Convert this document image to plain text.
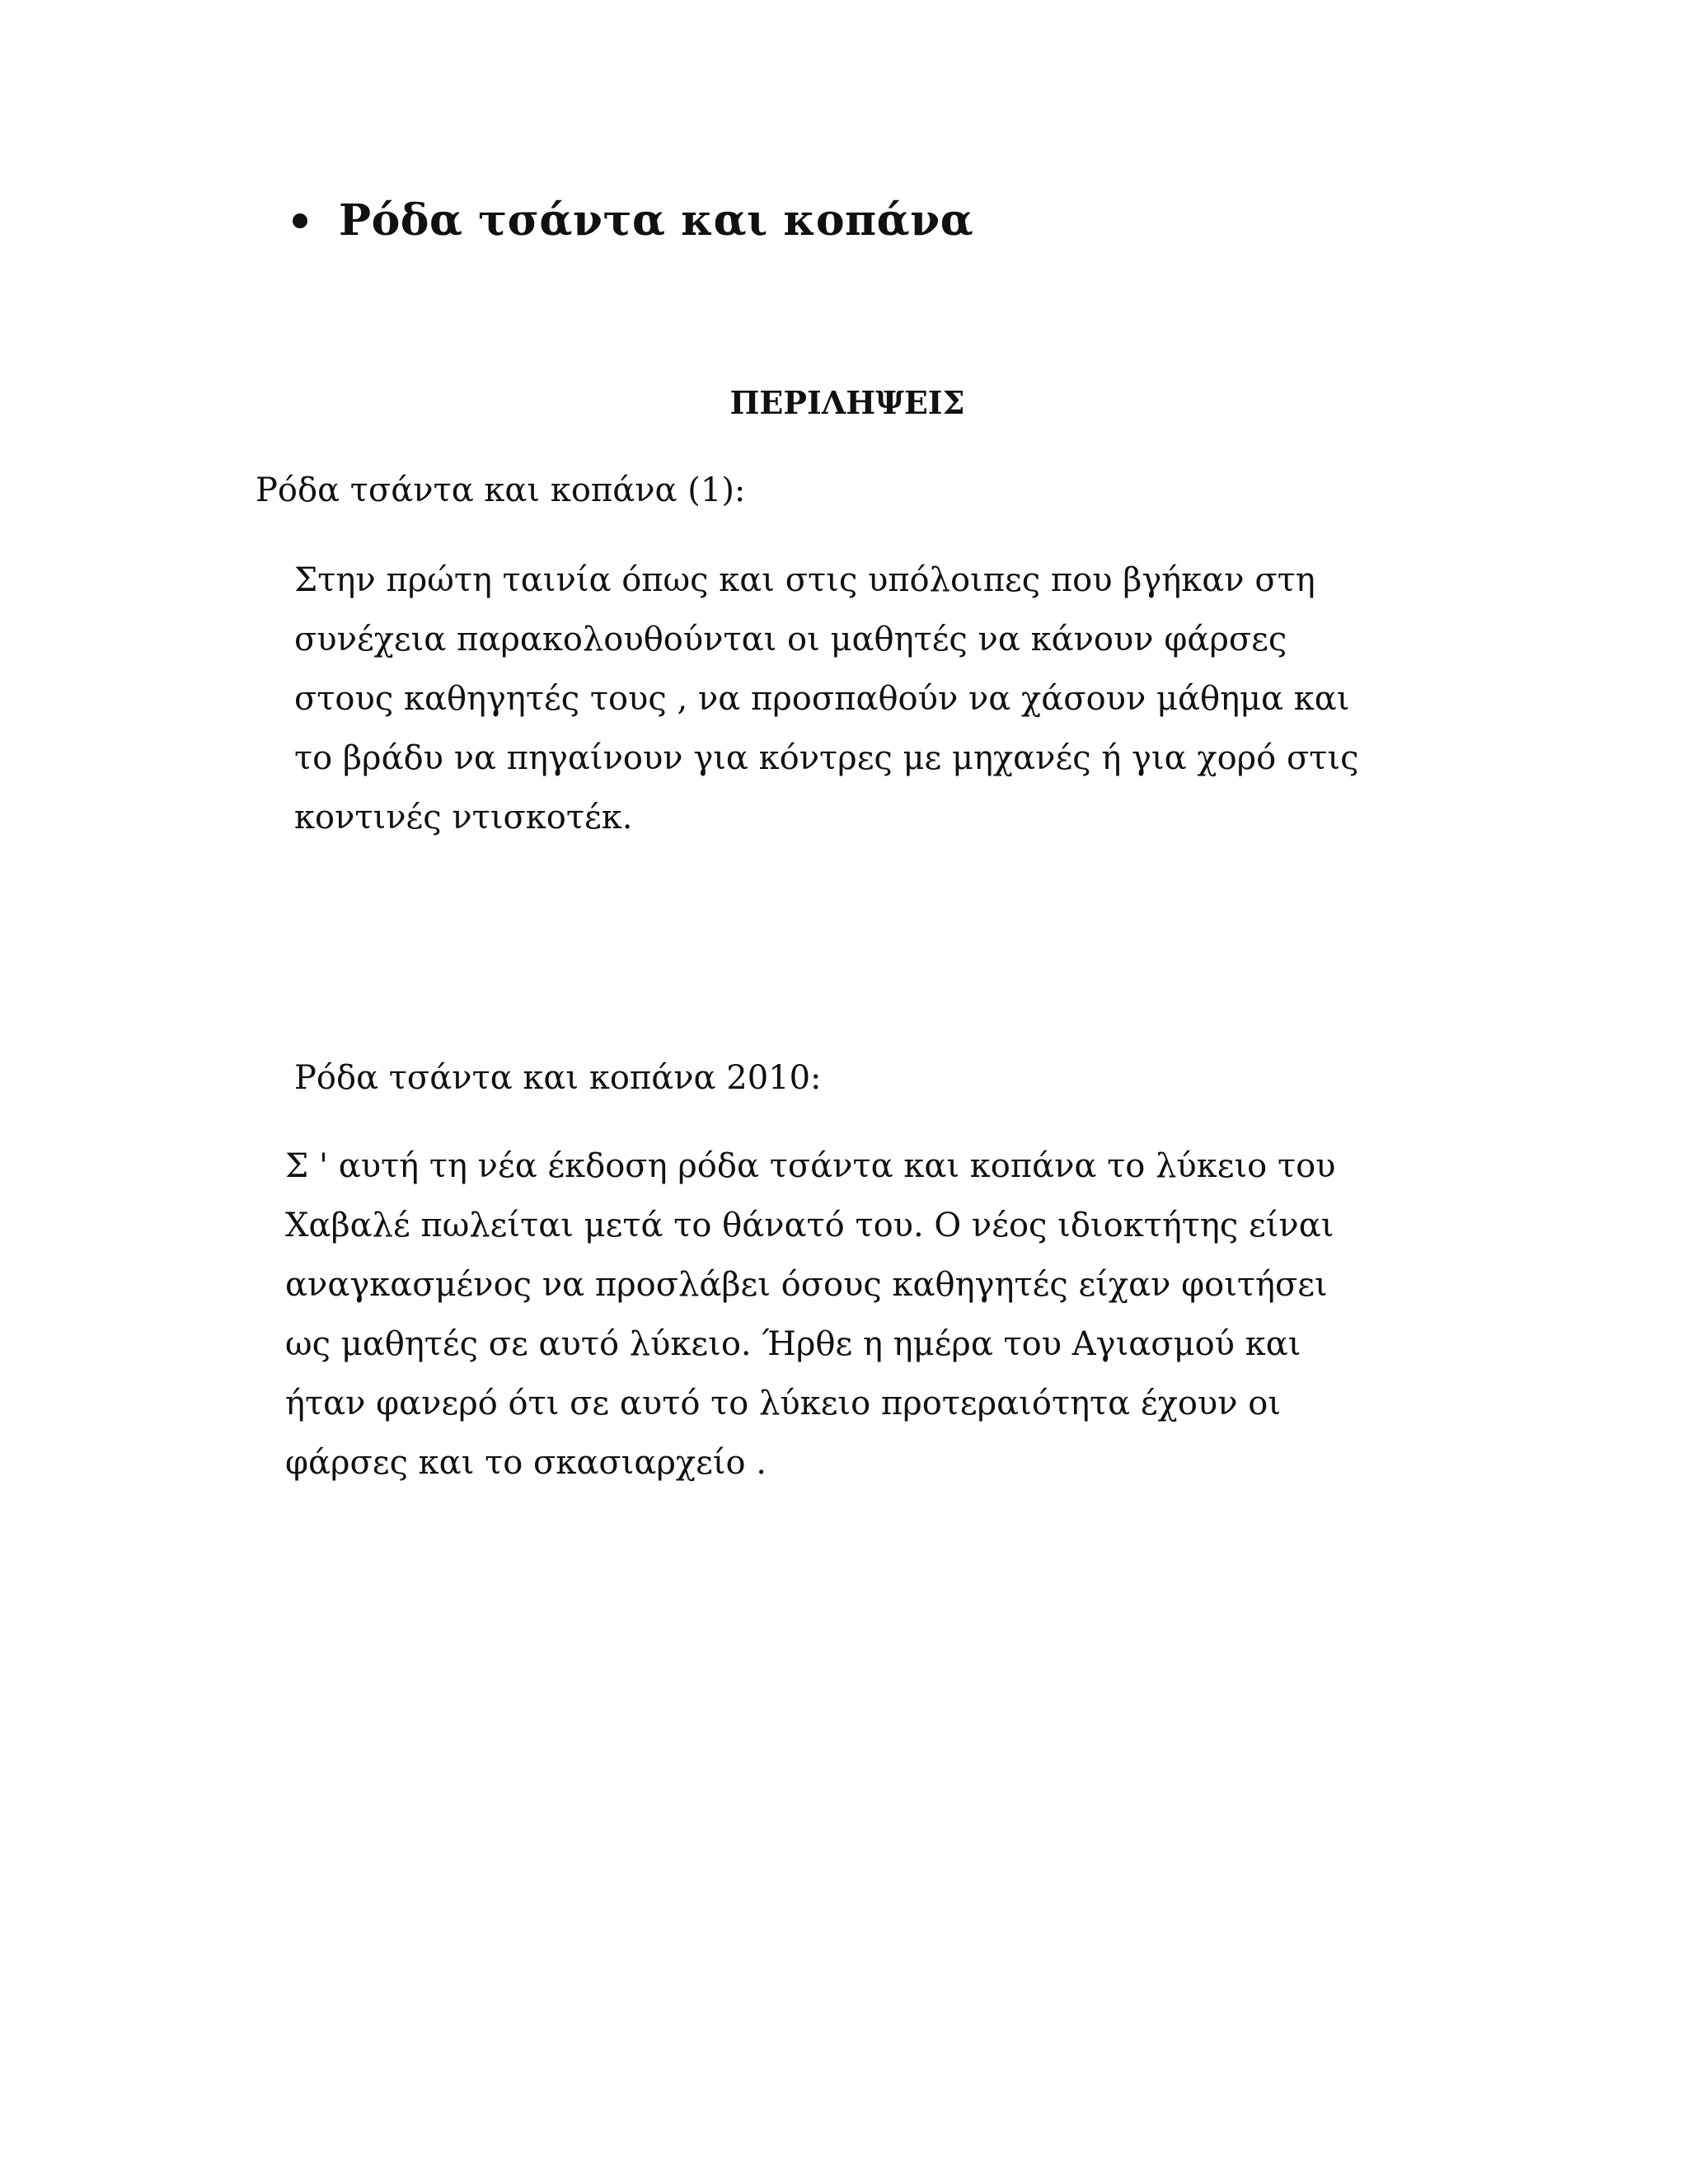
Ρόδα τσάντα και κοπάνα
ΠΕΡΙΛΗΨΕΙΣ
Ρόδα τσάντα και κοπάνα (1):
Στην πρώτη ταινία όπως και στις υπόλοιπες που βγήκαν στη
συνέχεια παρακολουθούνται οι μαθητές να κάνουν φάρσες
στους καθηγητές τους , να προσπαθούν να χάσουν μάθημα και
το βράδυ να πηγαίνουν για κόντρες με μηχανές ή για χορό στις
κοντινές ντισκοτέκ.
Ρόδα τσάντα και κοπάνα 2010:
Σ ' αυτή τη νέα έκδοση ρόδα τσάντα και κοπάνα το λύκειο του
Χαβαλέ πωλείται μετά το θάνατό του. Ο νέος ιδιοκτήτης είναι
αναγκασμένος να προσλάβει όσους καθηγητές είχαν φοιτήσει
ως μαθητές σε αυτό λύκειο. Ήρθε η ημέρα του Αγιασμού και
ήταν φανερό ότι σε αυτό το λύκειο προτεραιότητα έχουν οι
φάρσες και το σκασιαρχείο .
